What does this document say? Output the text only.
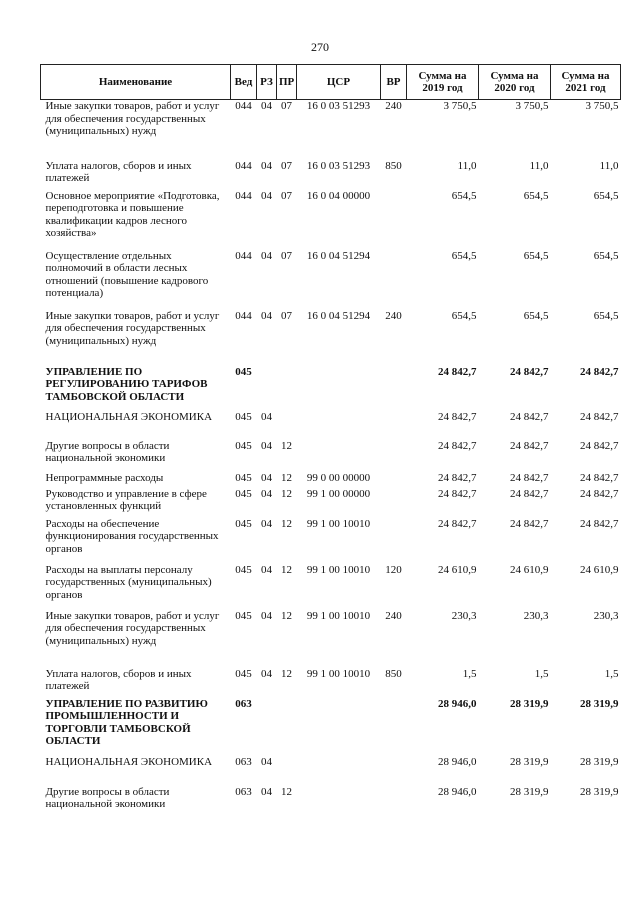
270
Наименование	Вед	РЗ	ПР	ЦСР	ВР	Сумма на 2019 год	Сумма на 2020 год	Сумма на 2021 год
Иные закупки товаров, работ и услуг для обеспечения государственных (муниципальных) нужд	044	04	07	16 0 03 51293	240	3 750,5	3 750,5	3 750,5
Уплата налогов, сборов и иных платежей	044	04	07	16 0 03 51293	850	11,0	11,0	11,0
Основное мероприятие «Подготовка, переподготовка и повышение квалификации кадров лесного хозяйства»	044	04	07	16 0 04 00000		654,5	654,5	654,5
Осуществление отдельных полномочий в области лесных отношений (повышение кадрового потенциала)	044	04	07	16 0 04 51294		654,5	654,5	654,5
Иные закупки товаров, работ и услуг для обеспечения государственных (муниципальных) нужд	044	04	07	16 0 04 51294	240	654,5	654,5	654,5
УПРАВЛЕНИЕ ПО РЕГУЛИРОВАНИЮ ТАРИФОВ ТАМБОВСКОЙ ОБЛАСТИ	045					24 842,7	24 842,7	24 842,7
НАЦИОНАЛЬНАЯ ЭКОНОМИКА	045	04				24 842,7	24 842,7	24 842,7
Другие вопросы в области национальной экономики	045	04	12			24 842,7	24 842,7	24 842,7
Непрограммные расходы	045	04	12	99 0 00 00000		24 842,7	24 842,7	24 842,7
Руководство и управление в сфере установленных функций	045	04	12	99 1 00 00000		24 842,7	24 842,7	24 842,7
Расходы на обеспечение функционирования государственных органов	045	04	12	99 1 00 10010		24 842,7	24 842,7	24 842,7
Расходы на выплаты персоналу государственных (муниципальных) органов	045	04	12	99 1 00 10010	120	24 610,9	24 610,9	24 610,9
Иные закупки товаров, работ и услуг для обеспечения государственных (муниципальных) нужд	045	04	12	99 1 00 10010	240	230,3	230,3	230,3
Уплата налогов, сборов и иных платежей	045	04	12	99 1 00 10010	850	1,5	1,5	1,5
УПРАВЛЕНИЕ ПО РАЗВИТИЮ ПРОМЫШЛЕННОСТИ И ТОРГОВЛИ ТАМБОВСКОЙ ОБЛАСТИ	063					28 946,0	28 319,9	28 319,9
НАЦИОНАЛЬНАЯ ЭКОНОМИКА	063	04				28 946,0	28 319,9	28 319,9
Другие вопросы в области национальной экономики	063	04	12			28 946,0	28 319,9	28 319,9
